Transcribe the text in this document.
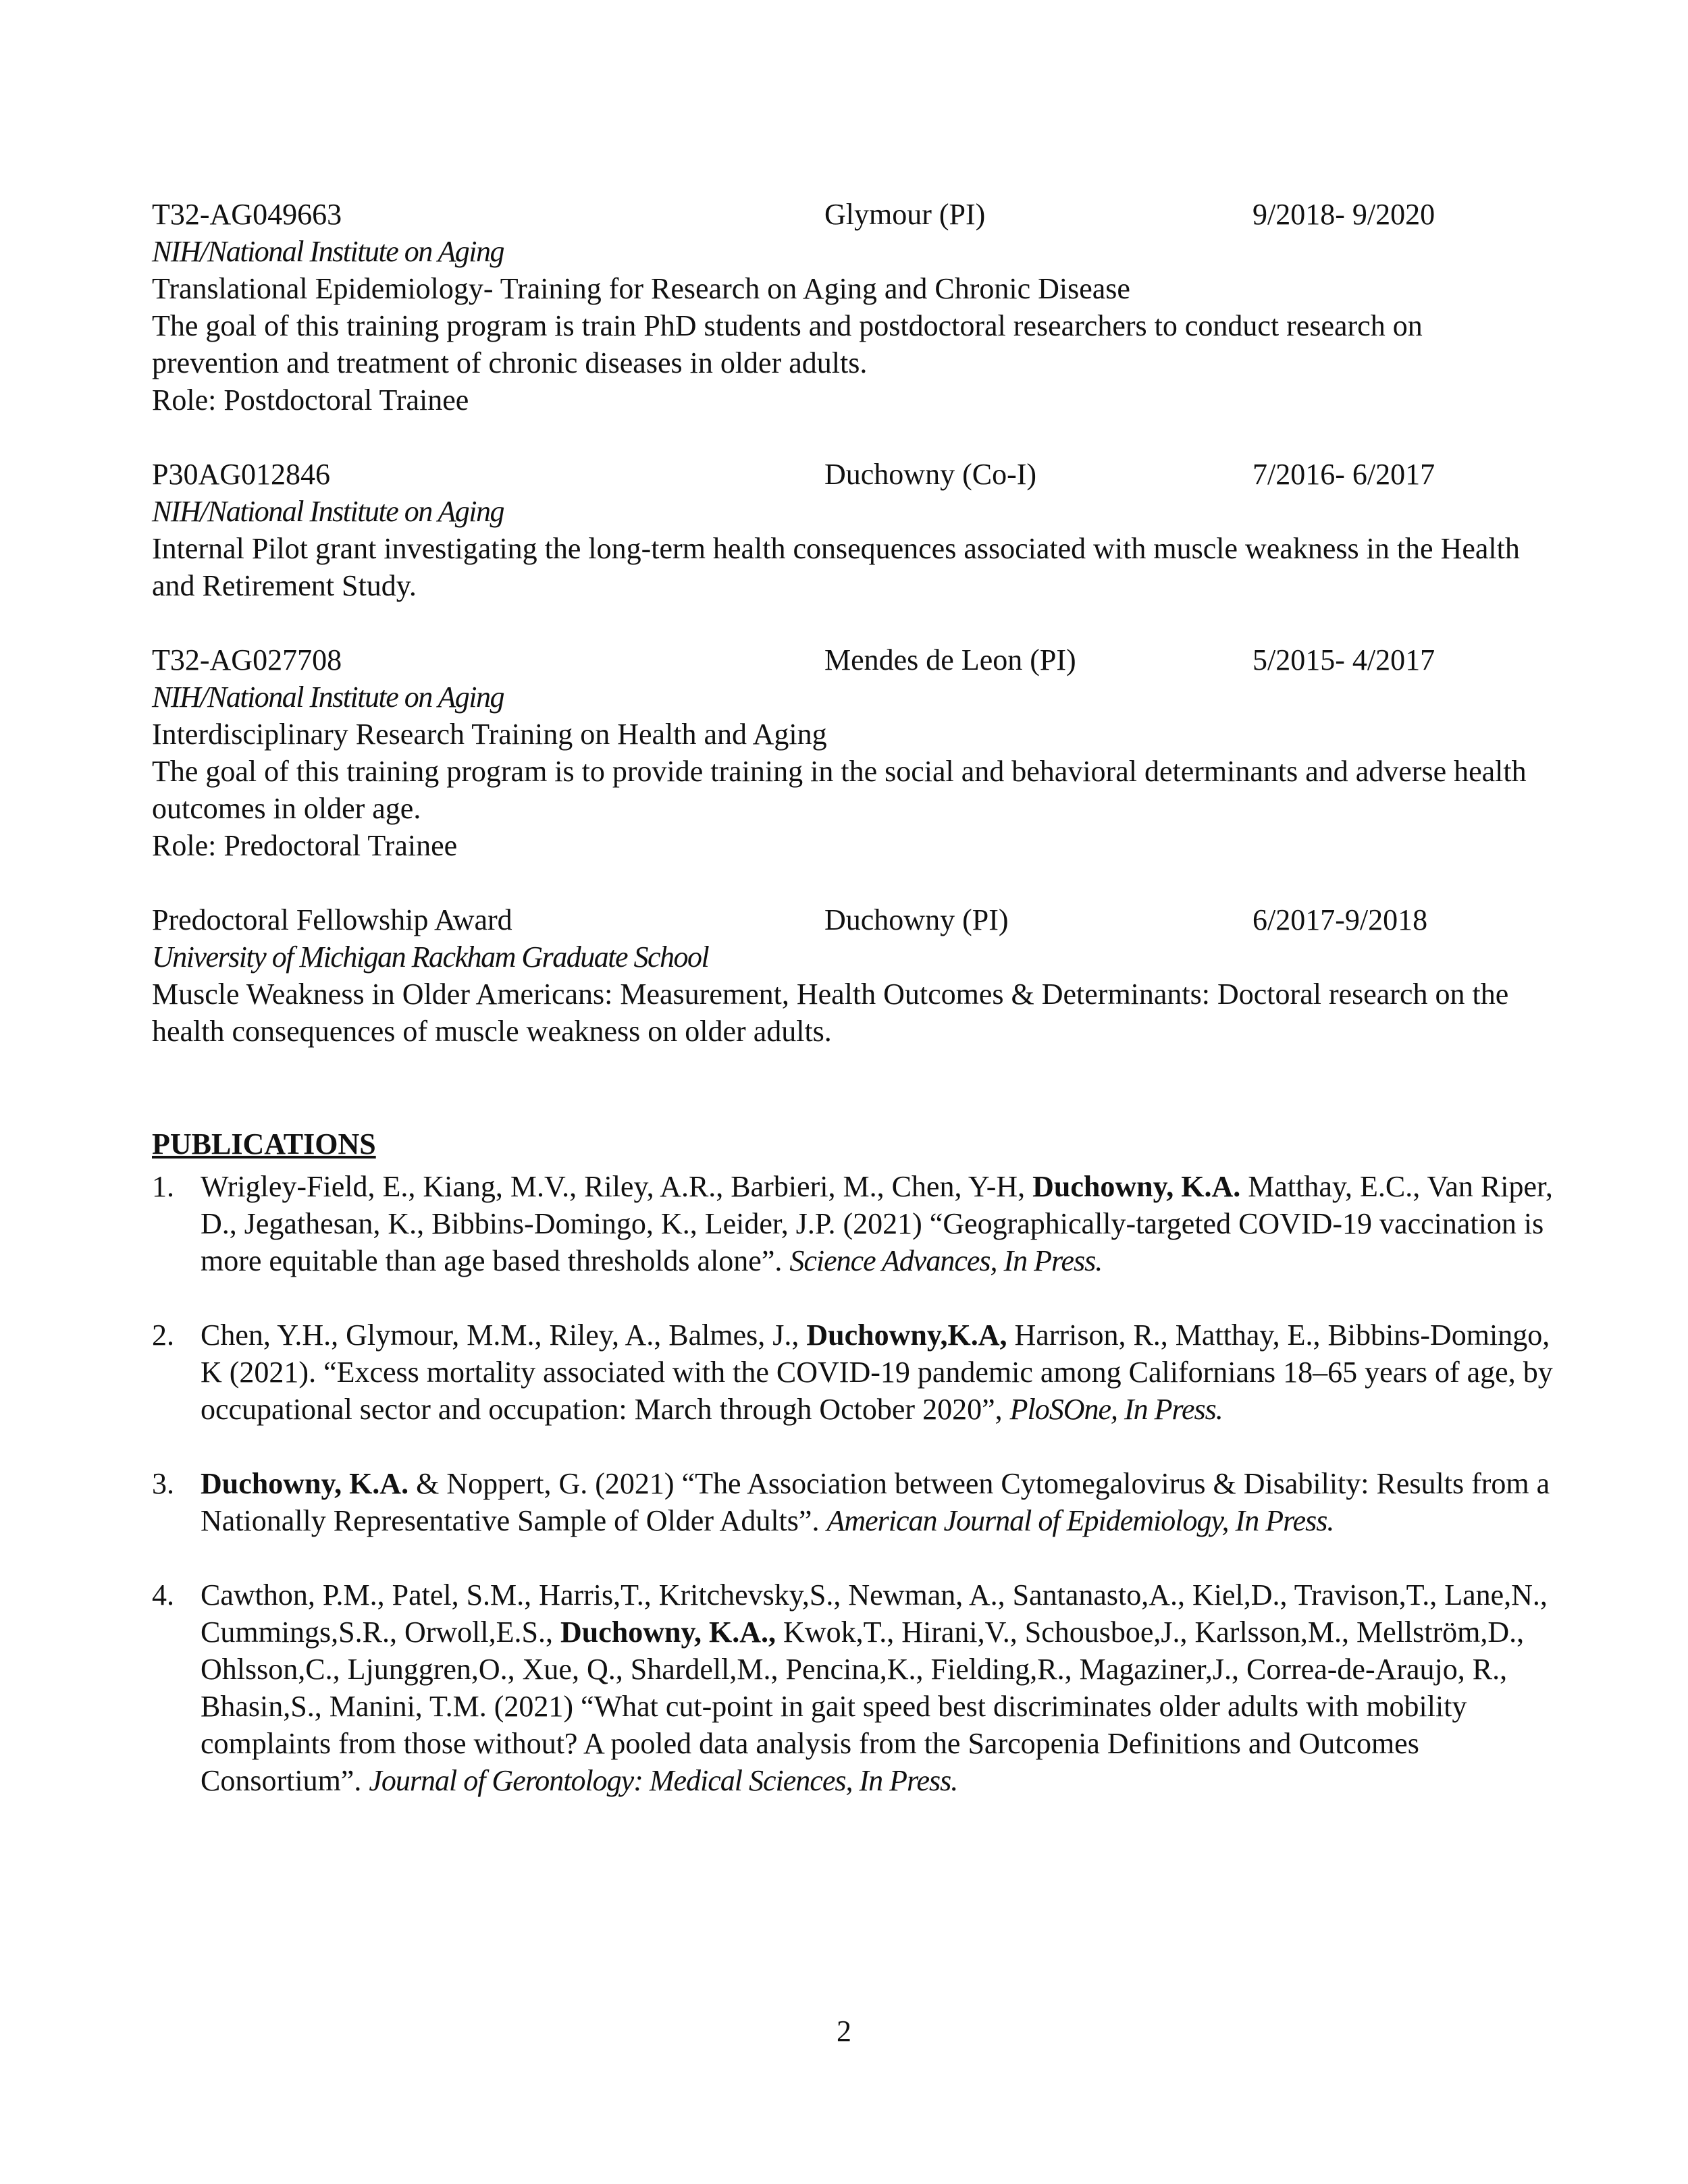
T32-AG049663	Glymour (PI)	9/2018- 9/2020
NIH/National Institute on Aging
Translational Epidemiology- Training for Research on Aging and Chronic Disease
The goal of this training program is train PhD students and postdoctoral researchers to conduct research on prevention and treatment of chronic diseases in older adults.
Role: Postdoctoral Trainee
P30AG012846	Duchowny (Co-I)	7/2016- 6/2017
NIH/National Institute on Aging
Internal Pilot grant investigating the long-term health consequences associated with muscle weakness in the Health and Retirement Study.
T32-AG027708	Mendes de Leon (PI)	5/2015- 4/2017
NIH/National Institute on Aging
Interdisciplinary Research Training on Health and Aging
The goal of this training program is to provide training in the social and behavioral determinants and adverse health outcomes in older age.
Role: Predoctoral Trainee
Predoctoral Fellowship Award	Duchowny (PI)	6/2017-9/2018
University of Michigan Rackham Graduate School
Muscle Weakness in Older Americans: Measurement, Health Outcomes & Determinants: Doctoral research on the health consequences of muscle weakness on older adults.
PUBLICATIONS
1. Wrigley-Field, E., Kiang, M.V., Riley, A.R., Barbieri, M., Chen, Y-H, Duchowny, K.A. Matthay, E.C., Van Riper, D., Jegathesan, K., Bibbins-Domingo, K., Leider, J.P. (2021) “Geographically-targeted COVID-19 vaccination is more equitable than age based thresholds alone”. Science Advances, In Press.
2. Chen, Y.H., Glymour, M.M., Riley, A., Balmes, J., Duchowny,K.A, Harrison, R., Matthay, E., Bibbins-Domingo, K (2021). “Excess mortality associated with the COVID-19 pandemic among Californians 18–65 years of age, by occupational sector and occupation: March through October 2020”, PloSOne, In Press.
3. Duchowny, K.A. & Noppert, G. (2021) “The Association between Cytomegalovirus & Disability: Results from a Nationally Representative Sample of Older Adults”. American Journal of Epidemiology, In Press.
4. Cawthon, P.M., Patel, S.M., Harris,T., Kritchevsky,S., Newman, A., Santanasto,A., Kiel,D., Travison,T., Lane,N., Cummings,S.R., Orwoll,E.S., Duchowny, K.A., Kwok,T., Hirani,V., Schousboe,J., Karlsson,M., Mellström,D., Ohlsson,C., Ljunggren,O., Xue, Q., Shardell,M., Pencina,K., Fielding,R., Magaziner,J., Correa-de-Araujo, R., Bhasin,S., Manini, T.M. (2021) “What cut-point in gait speed best discriminates older adults with mobility complaints from those without? A pooled data analysis from the Sarcopenia Definitions and Outcomes Consortium”. Journal of Gerontology: Medical Sciences, In Press.
2
